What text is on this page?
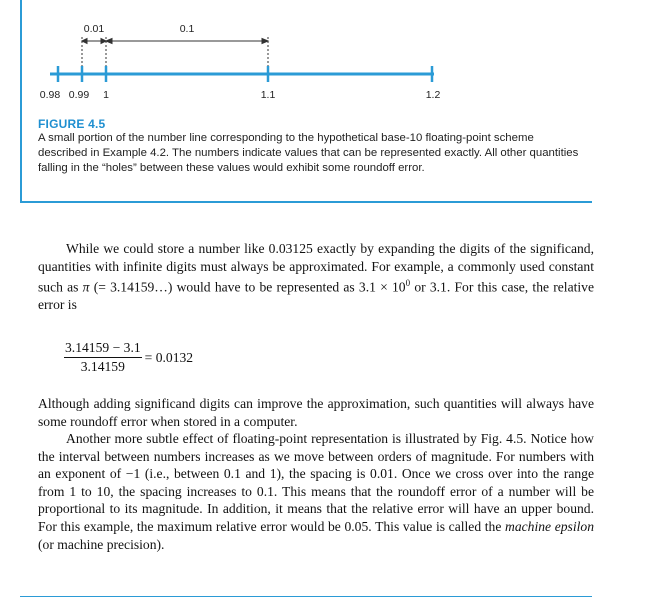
0.01	0.1
0.98 0.99 1	1.1	1.2
FIGURE 4.5
A small portion of the number line corresponding to the hypothetical base-10 floating-point scheme described in Example 4.2. The numbers indicate values that can be represented exactly. All other quantities falling in the “holes” between these values would exhibit some roundoff error.
While we could store a number like 0.03125 exactly by expanding the digits of the significand, quantities with infinite digits must always be approximated. For example, a commonly used constant such as π (= 3.14159…) would have to be represented as $3.1 \times 10^0$ or 3.1. For this case, the relative error is
$\frac{3.14159 - 3.1}{3.14159} = 0.0132$
Although adding significand digits can improve the approximation, such quantities will always have some roundoff error when stored in a computer.
Another more subtle effect of floating-point representation is illustrated by Fig. 4.5. Notice how the interval between numbers increases as we move between orders of magnitude. For numbers with an exponent of −1 (i.e., between 0.1 and 1), the spacing is 0.01. Once we cross over into the range from 1 to 10, the spacing increases to 0.1. This means that the roundoff error of a number will be proportional to its magnitude. In addition, it means that the relative error will have an upper bound. For this example, the maximum relative error would be 0.05. This value is called the machine epsilon (or machine precision).
